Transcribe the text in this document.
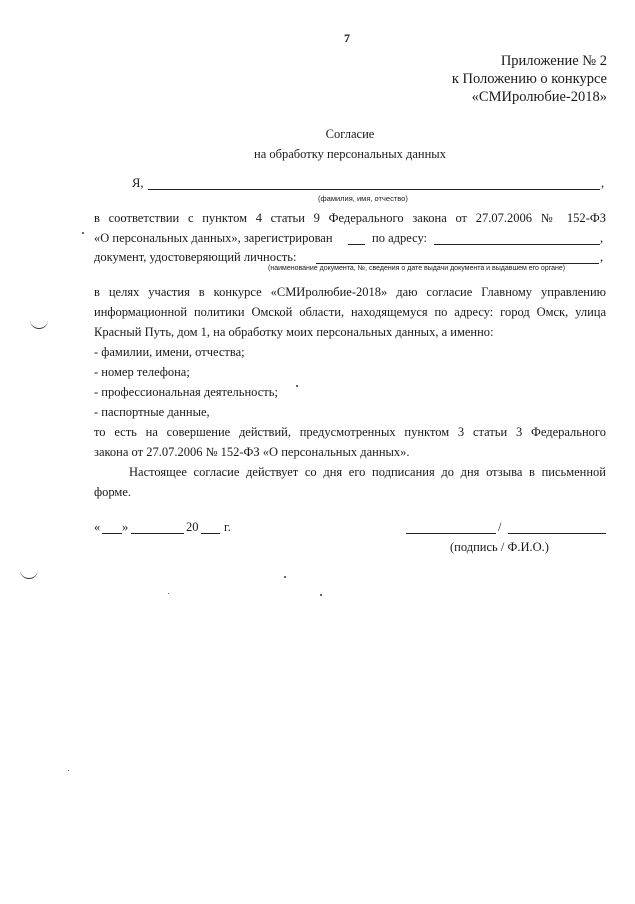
7
Приложение № 2
к Положению о конкурсе
«СМИролюбие-2018»
Согласие
на обработку персональных данных
Я,	,
(фамилия, имя, отчество)
в соответствии с пунктом 4 статьи 9 Федерального закона от 27.07.2006 № 152-ФЗ
«О персональных данных», зарегистрирован	по адресу:	,
документ, удостоверяющий личность:	,
(наименование документа, №, сведения о дате выдачи документа и выдавшем его органе)
в целях участия в конкурсе «СМИролюбие-2018» даю согласие Главному управлению
информационной политики Омской области, находящемуся по адресу: город Омск, улица
Красный Путь, дом 1, на обработку моих персональных данных, а именно:
- фамилии, имени, отчества;
- номер телефона;
- профессиональная деятельность;
- паспортные данные,
то есть на совершение действий, предусмотренных пунктом 3 статьи 3 Федерального
закона от 27.07.2006 № 152-ФЗ «О персональных данных».
Настоящее согласие действует со дня его подписания до дня отзыва в письменной
форме.
« »	20 г.	/
(подпись / Ф.И.О.)
